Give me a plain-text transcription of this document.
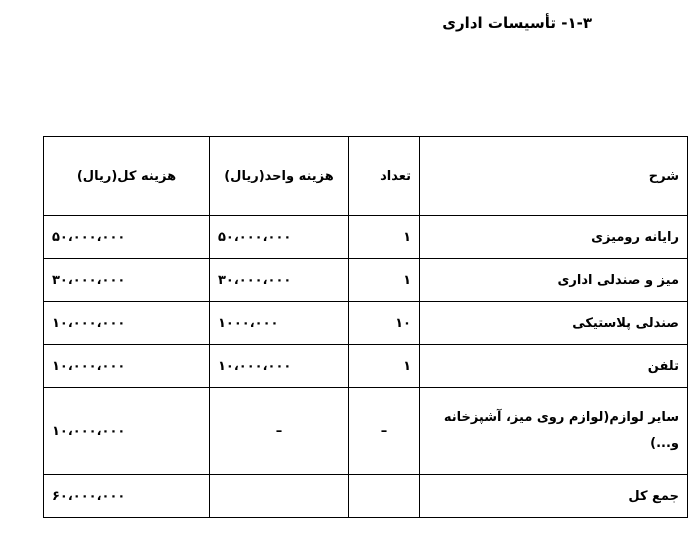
۱-۳- تأسیسات اداری
شرح	تعداد	هزینه واحد(ریال)	هزینه کل(ریال)
رایانه رومیزی	۱	۵۰،۰۰۰،۰۰۰	۵۰،۰۰۰،۰۰۰
میز و صندلی اداری	۱	۳۰،۰۰۰،۰۰۰	۳۰،۰۰۰،۰۰۰
صندلی پلاستیکی	۱۰	۱۰۰۰،۰۰۰	۱۰،۰۰۰،۰۰۰
تلفن	۱	۱۰،۰۰۰،۰۰۰	۱۰،۰۰۰،۰۰۰
سایر لوازم(لوازم روی میز، آشپزخانه و...)	–	–	۱۰،۰۰۰،۰۰۰
جمع کل			۶۰،۰۰۰،۰۰۰
